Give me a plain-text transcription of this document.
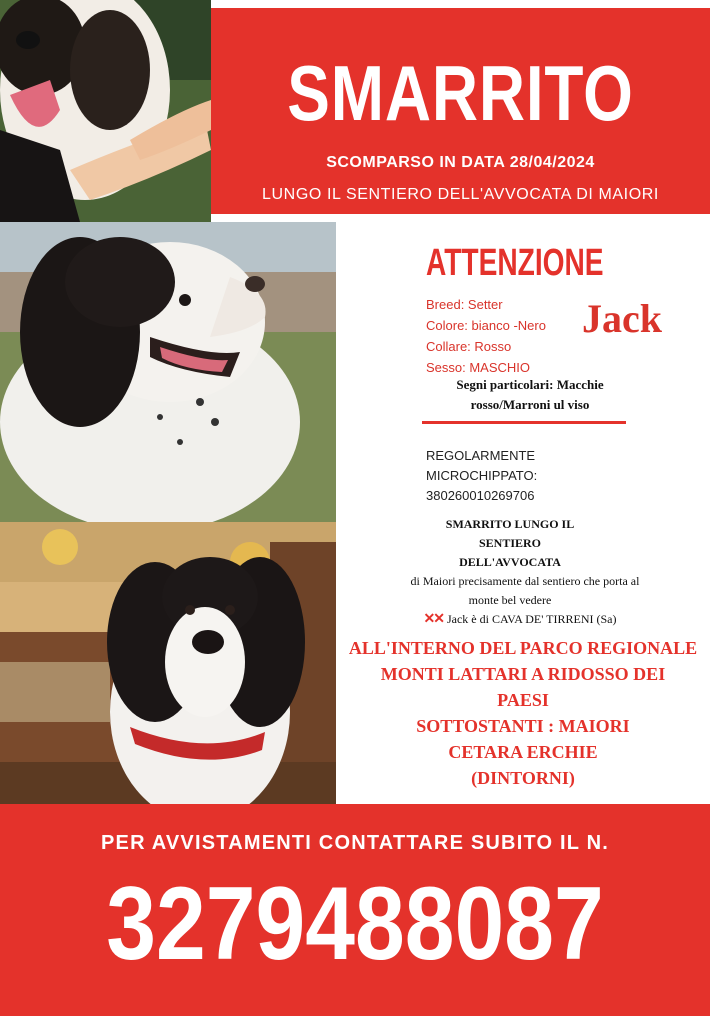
SMARRITO
SCOMPARSO IN DATA 28/04/2024
LUNGO IL SENTIERO DELL'AVVOCATA DI MAIORI
ATTENZIONE
Breed: Setter
Colore: bianco -Nero
Collare: Rosso
Sesso: MASCHIO
Jack
Segni particolari: Macchie
rosso/Marroni ul viso
REGOLARMENTE
MICROCHIPPATO:
380260010269706
SMARRITO LUNGO IL
SENTIERO
DELL'AVVOCATA
di Maiori precisamente dal sentiero che porta al
monte bel vedere
✕✕ Jack è di CAVA DE' TIRRENI (Sa)
ALL'INTERNO DEL PARCO REGIONALE
MONTI LATTARI A RIDOSSO DEI
PAESI
SOTTOSTANTI : MAIORI
CETARA ERCHIE
(DINTORNI)
PER AVVISTAMENTI CONTATTARE SUBITO IL N.
3279488087
